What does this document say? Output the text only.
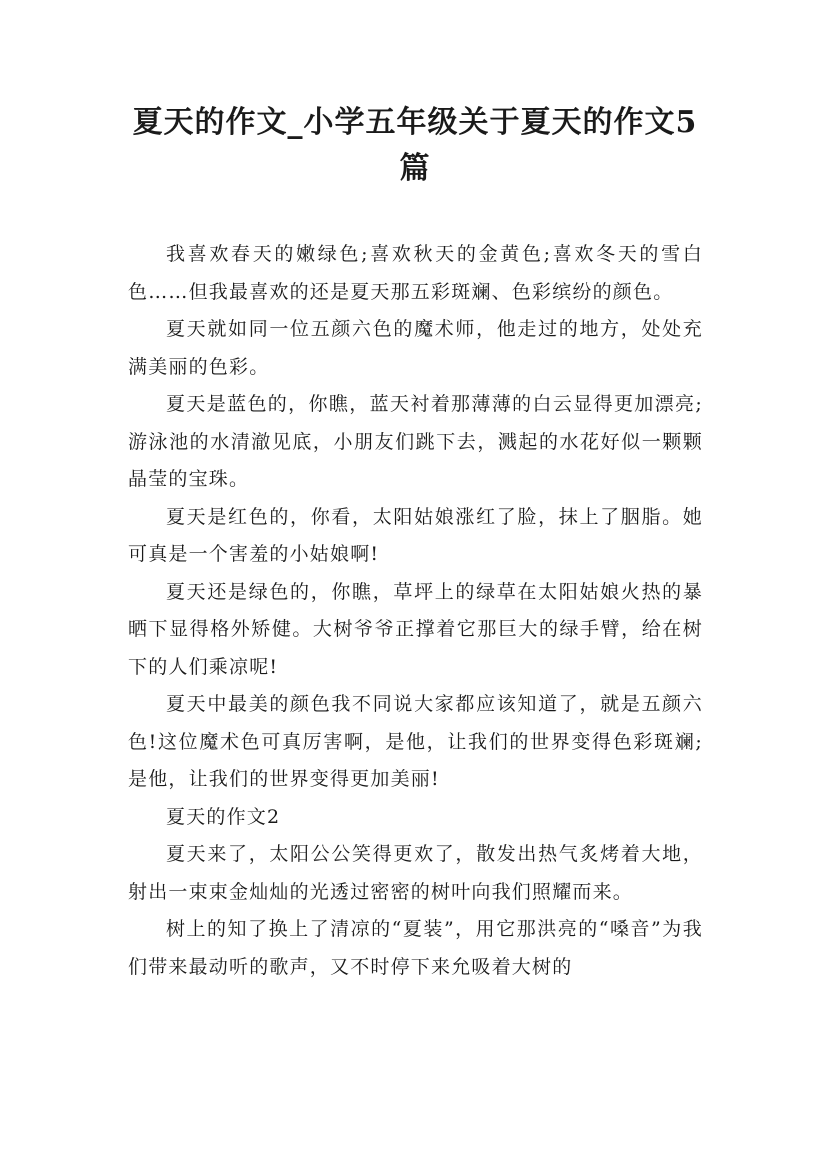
夏天的作文_小学五年级关于夏天的作文5篇

我喜欢春天的嫩绿色;喜欢秋天的金黄色;喜欢冬天的雪白色……但我最喜欢的还是夏天那五彩斑斓、色彩缤纷的颜色。

夏天就如同一位五颜六色的魔术师，他走过的地方，处处充满美丽的色彩。

夏天是蓝色的，你瞧，蓝天衬着那薄薄的白云显得更加漂亮;游泳池的水清澈见底，小朋友们跳下去，溅起的水花好似一颗颗晶莹的宝珠。

夏天是红色的，你看，太阳姑娘涨红了脸，抹上了胭脂。她可真是一个害羞的小姑娘啊!

夏天还是绿色的，你瞧，草坪上的绿草在太阳姑娘火热的暴晒下显得格外矫健。大树爷爷正撑着它那巨大的绿手臂，给在树下的人们乘凉呢!

夏天中最美的颜色我不同说大家都应该知道了，就是五颜六色!这位魔术色可真厉害啊，是他，让我们的世界变得色彩斑斓;是他，让我们的世界变得更加美丽!

夏天的作文2

夏天来了，太阳公公笑得更欢了，散发出热气炙烤着大地，射出一束束金灿灿的光透过密密的树叶向我们照耀而来。

树上的知了换上了清凉的“夏装”，用它那洪亮的“嗓音”为我们带来最动听的歌声，又不时停下来允吸着大树的
